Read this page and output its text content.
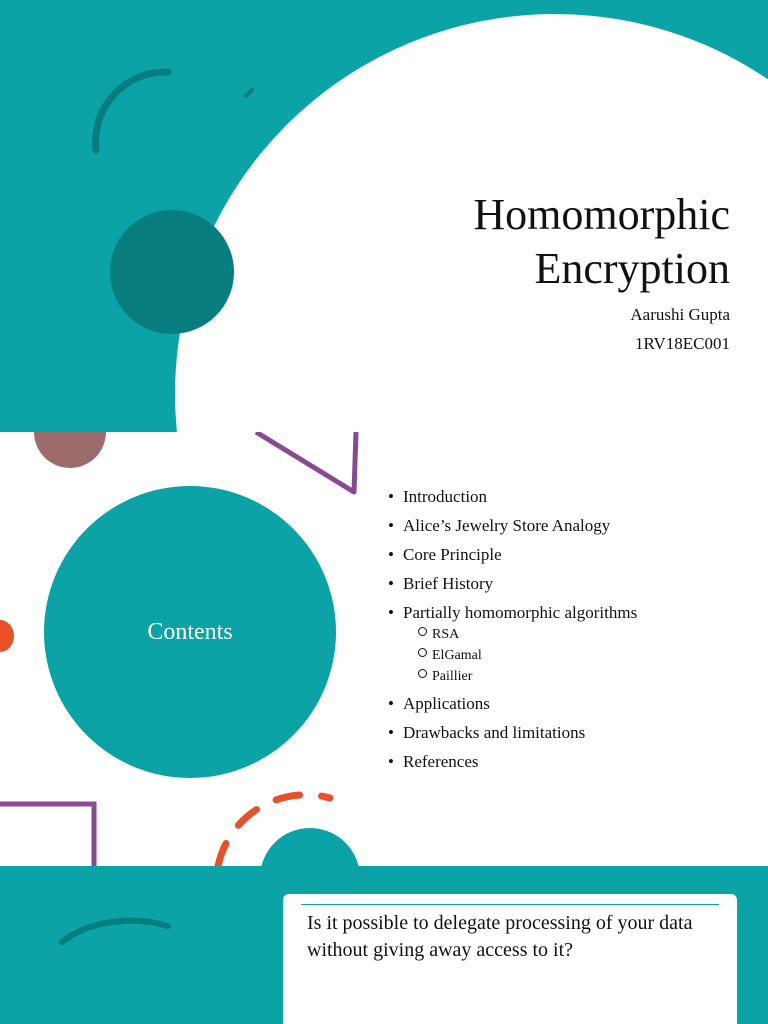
Homomorphic
Encryption
Aarushi Gupta
1RV18EC001
Contents
• Introduction
• Alice’s Jewelry Store Analogy
• Core Principle
• Brief History
• Partially homomorphic algorithms
RSA
ElGamal
Paillier
• Applications
• Drawbacks and limitations
• References
Is it possible to delegate processing of your data without giving away access to it?
